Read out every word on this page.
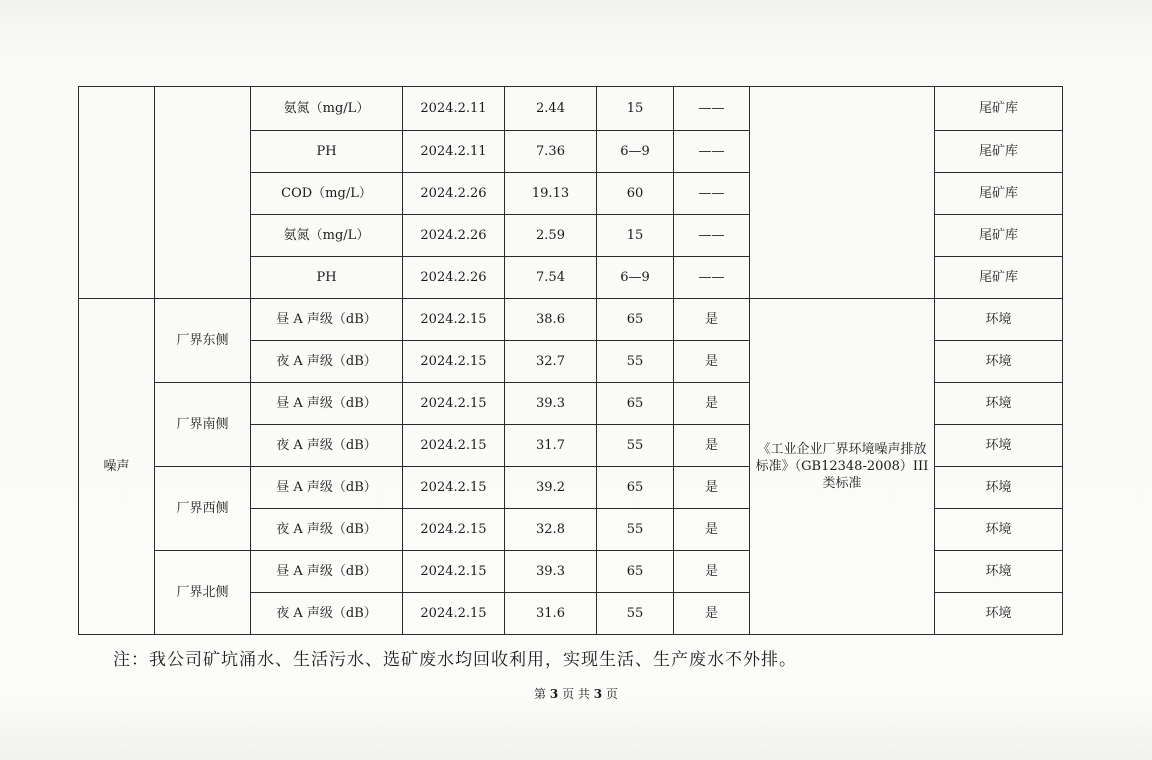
		氨氮（mg/L）	2024.2.11	2.44	15	——		尾矿库
		PH	2024.2.11	7.36	6—9	——		尾矿库
		COD（mg/L）	2024.2.26	19.13	60	——		尾矿库
		氨氮（mg/L）	2024.2.26	2.59	15	——		尾矿库
		PH	2024.2.26	7.54	6—9	——		尾矿库
噪声	厂界东侧	昼 A 声级（dB）	2024.2.15	38.6	65	是	《工业企业厂界环境噪声排放标准》（GB12348-2008）III类标准	环境
		夜 A 声级（dB）	2024.2.15	32.7	55	是		环境
	厂界南侧	昼 A 声级（dB）	2024.2.15	39.3	65	是		环境
		夜 A 声级（dB）	2024.2.15	31.7	55	是		环境
	厂界西侧	昼 A 声级（dB）	2024.2.15	39.2	65	是		环境
		夜 A 声级（dB）	2024.2.15	32.8	55	是		环境
	厂界北侧	昼 A 声级（dB）	2024.2.15	39.3	65	是		环境
		夜 A 声级（dB）	2024.2.15	31.6	55	是		环境
注：我公司矿坑涌水、生活污水、选矿废水均回收利用，实现生活、生产废水不外排。
第 3 页 共 3 页
